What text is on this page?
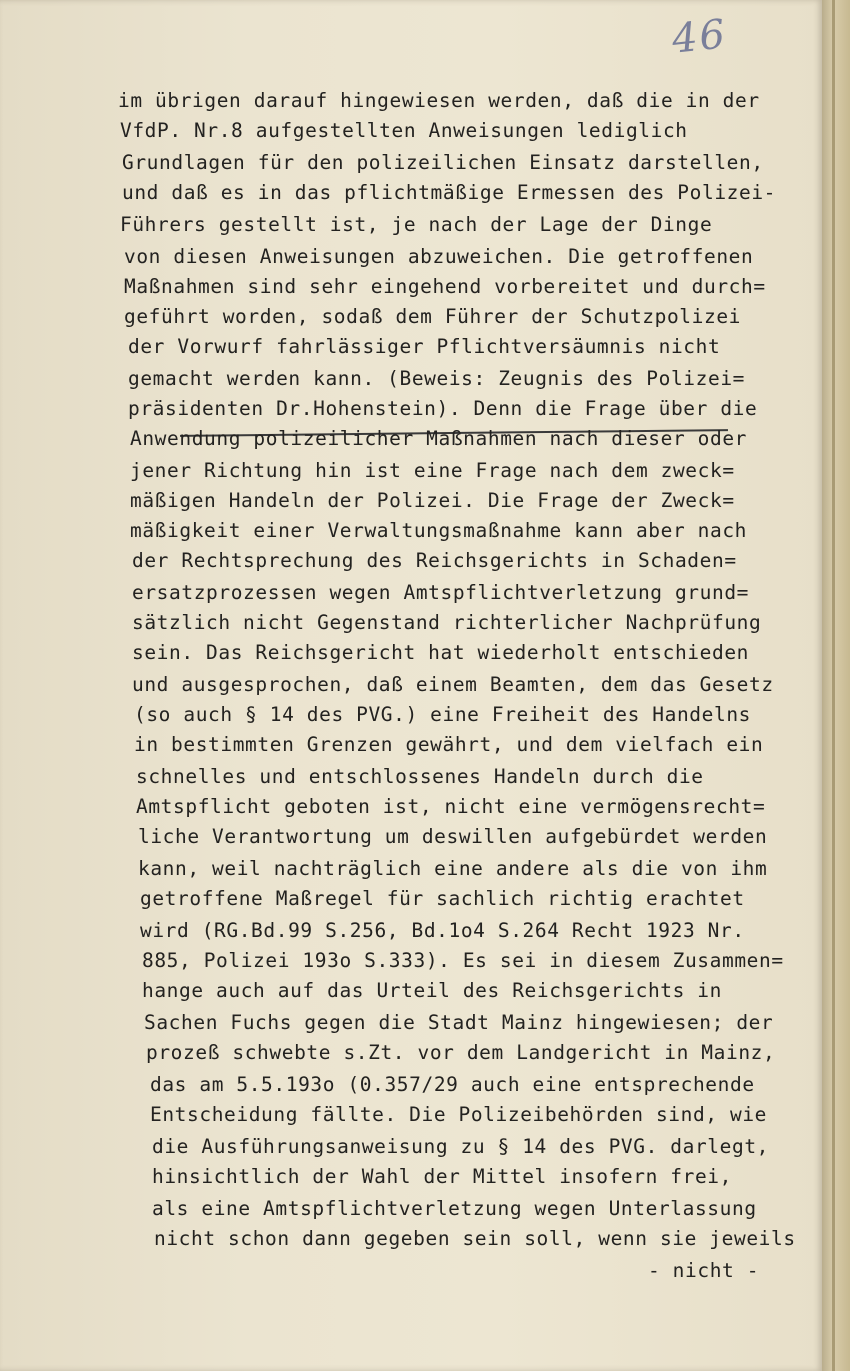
46
im übrigen darauf hingewiesen werden, daß die in der
VfdP. Nr.8 aufgestellten Anweisungen lediglich
Grundlagen für den polizeilichen Einsatz darstellen,
und daß es in das pflichtmäßige Ermessen des Polizei-
Führers gestellt ist, je nach der Lage der Dinge
von diesen Anweisungen abzuweichen. Die getroffenen
Maßnahmen sind sehr eingehend vorbereitet und durch=
geführt worden, sodaß dem Führer der Schutzpolizei
der Vorwurf fahrlässiger Pflichtversäumnis nicht
gemacht werden kann. (Beweis: Zeugnis des Polizei=
präsidenten Dr.Hohenstein). Denn die Frage über die
Anwendung polizeilicher Maßnahmen nach dieser oder
jener Richtung hin ist eine Frage nach dem zweck=
mäßigen Handeln der Polizei. Die Frage der Zweck=
mäßigkeit einer Verwaltungsmaßnahme kann aber nach
der Rechtsprechung des Reichsgerichts in Schaden=
ersatzprozessen wegen Amtspflichtverletzung grund=
sätzlich nicht Gegenstand richterlicher Nachprüfung
sein. Das Reichsgericht hat wiederholt entschieden
und ausgesprochen, daß einem Beamten, dem das Gesetz
(so auch § 14 des PVG.) eine Freiheit des Handelns
in bestimmten Grenzen gewährt, und dem vielfach ein
schnelles und entschlossenes Handeln durch die
Amtspflicht geboten ist, nicht eine vermögensrecht=
liche Verantwortung um deswillen aufgebürdet werden
kann, weil nachträglich eine andere als die von ihm
getroffene Maßregel für sachlich richtig erachtet
wird (RG.Bd.99 S.256, Bd.1o4 S.264 Recht 1923 Nr.
885, Polizei 193o S.333). Es sei in diesem Zusammen=
hange auch auf das Urteil des Reichsgerichts in
Sachen Fuchs gegen die Stadt Mainz hingewiesen; der
prozeß schwebte s.Zt. vor dem Landgericht in Mainz,
das am 5.5.193o (0.357/29 auch eine entsprechende
Entscheidung fällte. Die Polizeibehörden sind, wie
die Ausführungsanweisung zu § 14 des PVG. darlegt,
hinsichtlich der Wahl der Mittel insofern frei,
als eine Amtspflichtverletzung wegen Unterlassung
nicht schon dann gegeben sein soll, wenn sie jeweils
- nicht -
